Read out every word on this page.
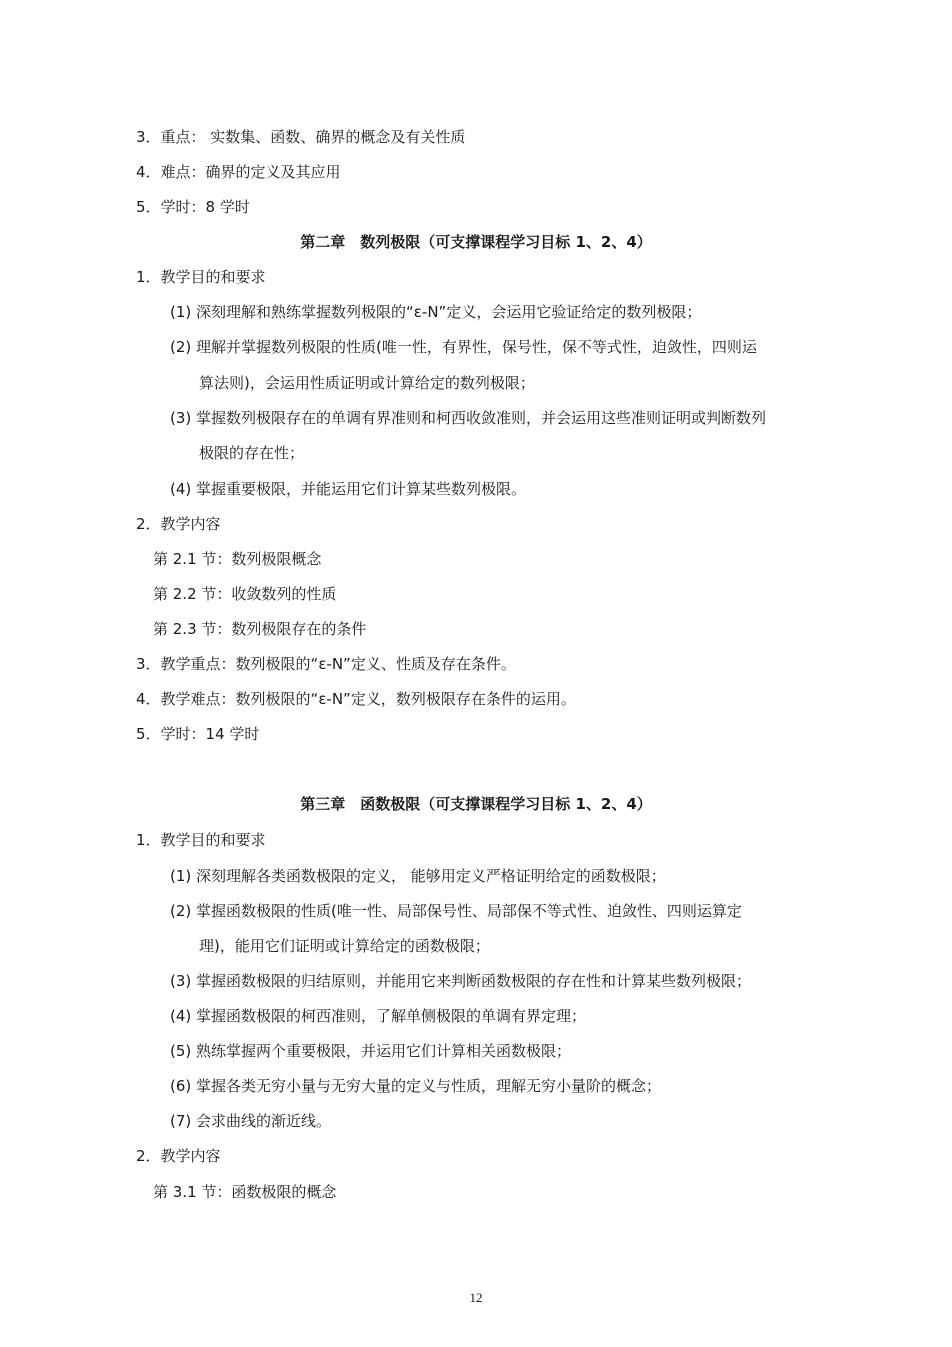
3．重点： 实数集、函数、确界的概念及有关性质
4．难点：确界的定义及其应用
5．学时：8 学时
第二章　数列极限（可支撑课程学习目标 1、2、4）
1．教学目的和要求
(1) 深刻理解和熟练掌握数列极限的“ε-N”定义，会运用它验证给定的数列极限；
(2) 理解并掌握数列极限的性质(唯一性，有界性，保号性，保不等式性，迫敛性，四则运
算法则)，会运用性质证明或计算给定的数列极限；
(3) 掌握数列极限存在的单调有界准则和柯西收敛准则，并会运用这些准则证明或判断数列
极限的存在性；
(4) 掌握重要极限，并能运用它们计算某些数列极限。
2．教学内容
第 2.1 节：数列极限概念
第 2.2 节：收敛数列的性质
第 2.3 节：数列极限存在的条件
3．教学重点：数列极限的“ε-N”定义、性质及存在条件。
4．教学难点：数列极限的“ε-N”定义，数列极限存在条件的运用。
5．学时：14 学时
第三章　函数极限（可支撑课程学习目标 1、2、4）
1．教学目的和要求
(1) 深刻理解各类函数极限的定义， 能够用定义严格证明给定的函数极限；
(2) 掌握函数极限的性质(唯一性、局部保号性、局部保不等式性、迫敛性、四则运算定
理)，能用它们证明或计算给定的函数极限；
(3) 掌握函数极限的归结原则，并能用它来判断函数极限的存在性和计算某些数列极限；
(4) 掌握函数极限的柯西准则，了解单侧极限的单调有界定理；
(5) 熟练掌握两个重要极限，并运用它们计算相关函数极限；
(6) 掌握各类无穷小量与无穷大量的定义与性质，理解无穷小量阶的概念；
(7) 会求曲线的渐近线。
2．教学内容
第 3.1 节：函数极限的概念
12
